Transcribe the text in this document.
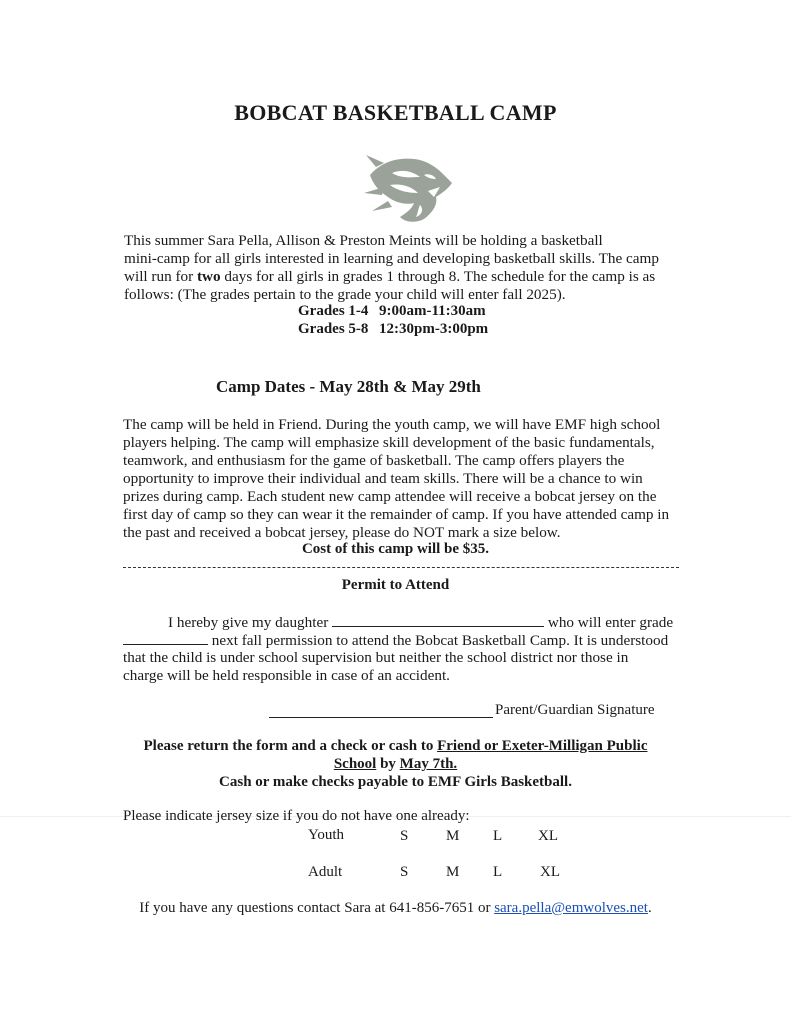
BOBCAT BASKETBALL CAMP
This summer Sara Pella, Allison & Preston Meints will be holding a basketball
mini-camp for all girls interested in learning and developing basketball skills. The camp
will run for two days for all girls in grades 1 through 8. The schedule for the camp is as
follows: (The grades pertain to the grade your child will enter fall 2025).
Grades 1-4 9:00am-11:30am
Grades 5-8 12:30pm-3:00pm
Camp Dates - May 28th & May 29th
The camp will be held in Friend. During the youth camp, we will have EMF high school
players helping. The camp will emphasize skill development of the basic fundamentals,
teamwork, and enthusiasm for the game of basketball. The camp offers players the
opportunity to improve their individual and team skills. There will be a chance to win
prizes during camp. Each student new camp attendee will receive a bobcat jersey on the
first day of camp so they can wear it the remainder of camp. If you have attended camp in
the past and received a bobcat jersey, please do NOT mark a size below.
Cost of this camp will be $35.
Permit to Attend
I hereby give my daughter	who will enter grade
next fall permission to attend the Bobcat Basketball Camp. It is understood
that the child is under school supervision but neither the school district nor those in
charge will be held responsible in case of an accident.
Parent/Guardian Signature
Please return the form and a check or cash to Friend or Exeter-Milligan Public
School by May 7th.
Cash or make checks payable to EMF Girls Basketball.
Please indicate jersey size if you do not have one already:
Youth	S	M L XL
Adult	S	M L	XL
If you have any questions contact Sara at 641-856-7651 or sara.pella@emwolves.net.
